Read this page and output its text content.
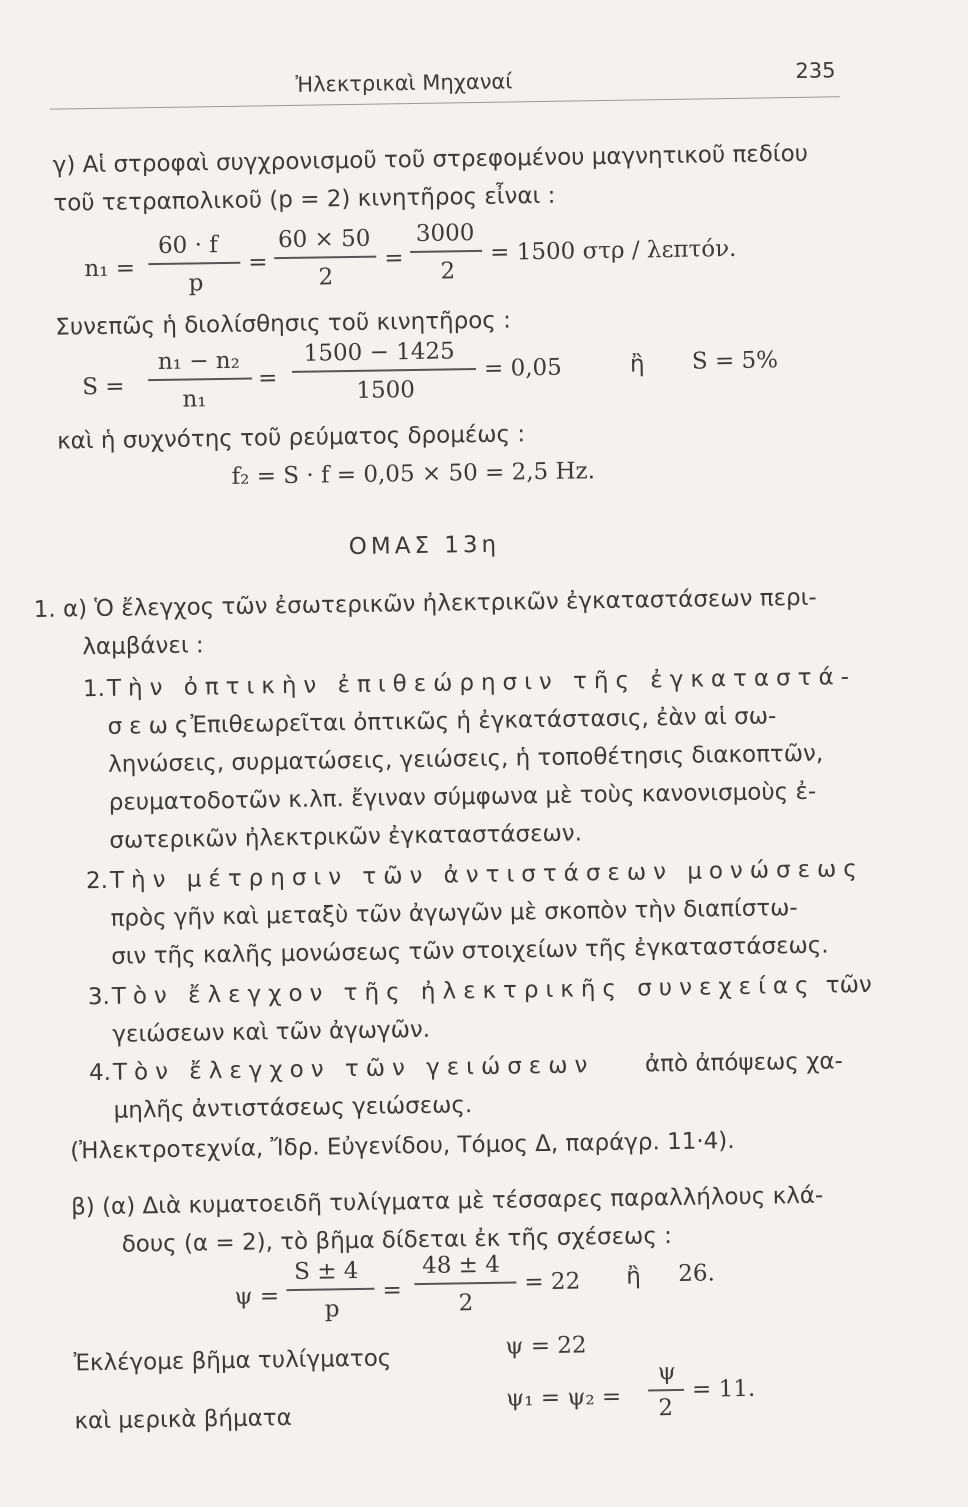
Ἠλεκτρικαὶ Μηχαναί	235
γ) Αἱ στροφαὶ συγχρονισμοῦ τοῦ στρεφομένου μαγνητικοῦ πεδίου
τοῦ τετραπολικοῦ (p = 2) κινητῆρος εἶναι :
n₁ =
60 · f
p
=
60 × 50
2
=
3000
2
= 1500 στρ / λεπτόν.
Συνεπῶς ἡ διολίσθησις τοῦ κινητῆρος :
S =
n₁ − n₂
n₁
=
1500 − 1425
1500
= 0,05	ἢ S = 5%
καὶ ἡ συχνότης τοῦ ρεύματος δρομέως :
f₂ = S · f = 0,05 × 50 = 2,5 Hz.
ΟΜΑΣ 13η
1. α) Ὁ ἔλεγχος τῶν ἐσωτερικῶν ἠλεκτρικῶν ἐγκαταστάσεων περι-
λαμβάνει :
1. Τὴν ὀπτικὴν ἐπιθεώρησιν τῆς ἐγκαταστά-
σεως
: Ἐπιθεωρεῖται ὀπτικῶς ἡ ἐγκατάστασις, ἐὰν αἱ σω-
ληνώσεις, συρματώσεις, γειώσεις, ἡ τοποθέτησις διακοπτῶν,
ρευματοδοτῶν κ.λπ. ἔγιναν σύμφωνα μὲ τοὺς κανονισμοὺς ἐ-
σωτερικῶν ἠλεκτρικῶν ἐγκαταστάσεων.
2. Τὴν μέτρησιν τῶν ἀντιστάσεων μονώσεως
πρὸς γῆν καὶ μεταξὺ τῶν ἀγωγῶν μὲ σκοπὸν τὴν διαπίστω-
σιν τῆς καλῆς μονώσεως τῶν στοιχείων τῆς ἐγκαταστάσεως.
3. Τὸν ἔλεγχον τῆς ἠλεκτρικῆς συνεχείας τῶν
γειώσεων καὶ τῶν ἀγωγῶν.
4. Τὸν ἔλεγχον τῶν γειώσεων ἀπὸ ἀπόψεως χα-
μηλῆς ἀντιστάσεως γειώσεως.
(Ἠλεκτροτεχνία, Ἴδρ. Εὐγενίδου, Τόμος Δ, παράγρ. 11·4).
β) (α) Διὰ κυματοειδῆ τυλίγματα μὲ τέσσαρες παραλλήλους κλά-
δους (α = 2), τὸ βῆμα δίδεται ἐκ τῆς σχέσεως :
ψ =
S ± 4
p
=
48 ± 4
2
= 22 ἢ 26.
Ἐκλέγομε βῆμα τυλίγματος	ψ = 22
καὶ μερικὰ βήματα
ψ₁ = ψ₂ =
ψ
2
= 11.
